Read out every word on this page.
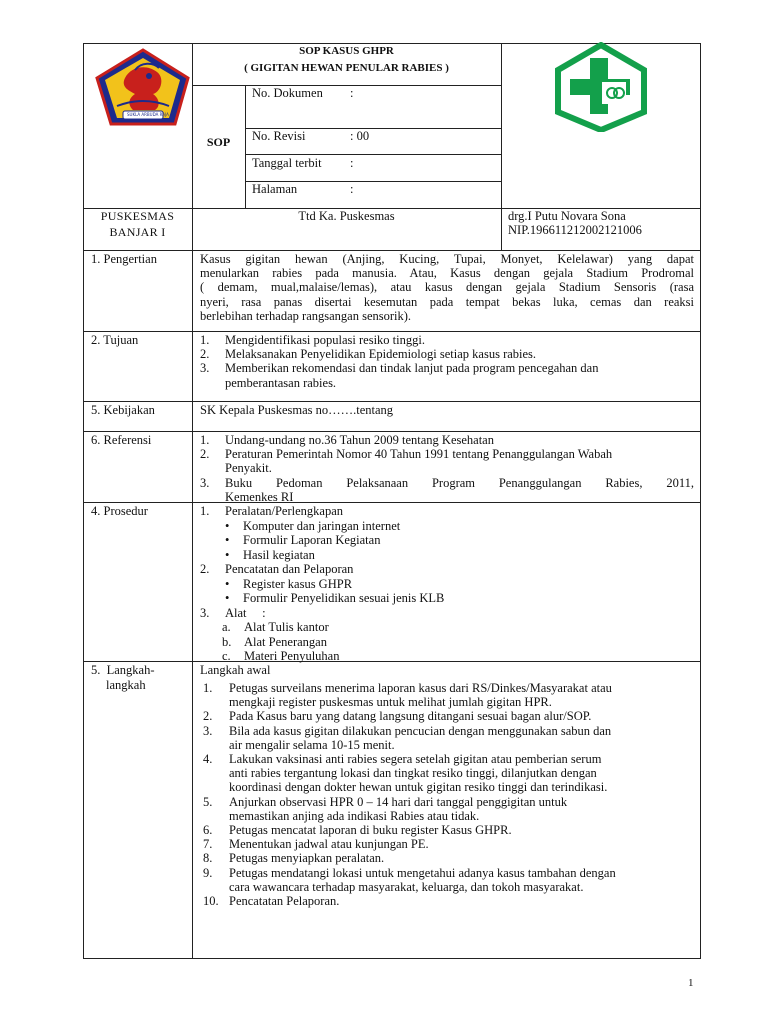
SUKLA ARBUDA RAJA
SOP KASUS GHPR
( GIGITAN HEWAN PENULAR RABIES )
SOP
No. Dokumen :
No. Revisi	: 00
Tanggal terbit :
Halaman	:
PUSKESMAS
BANJAR I
Ttd Ka. Puskesmas	drg.I Putu Novara Sona
NIP.196611212002121006
1. Pengertian	Kasus gigitan hewan (Anjing, Kucing, Tupai, Monyet, Kelelawar) yang dapat
menularkan rabies pada manusia. Atau, Kasus dengan gejala Stadium Prodromal
( demam, mual,malaise/lemas), atau kasus dengan gejala Stadium Sensoris (rasa
nyeri, rasa panas disertai kesemutan pada tempat bekas luka, cemas dan reaksi
berlebihan terhadap rangsangan sensorik).
2. Tujuan	1.	Mengidentifikasi populasi resiko tinggi.
2.	Melaksanakan Penyelidikan Epidemiologi setiap kasus rabies.
3.	Memberikan rekomendasi dan tindak lanjut pada program pencegahan dan
pemberantasan rabies.
5. Kebijakan	SK Kepala Puskesmas no…….tentang
6. Referensi	1.	Undang-undang no.36 Tahun 2009 tentang Kesehatan
2.	Peraturan Pemerintah Nomor 40 Tahun 1991 tentang Penanggulangan Wabah
Penyakit.
3.	Buku Pedoman Pelaksanaan Program Penanggulangan Rabies, 2011,
Kemenkes RI
4. Prosedur	1.	Peralatan/Perlengkapan
•	Komputer dan jaringan internet
•	Formulir Laporan Kegiatan
•	Hasil kegiatan
2.	Pencatatan dan Pelaporan
•	Register kasus GHPR
•	Formulir Penyelidikan sesuai jenis KLB
3.	Alat     :
a.	Alat Tulis kantor
b.	Alat Penerangan
c.	Materi Penyuluhan
5.  Langkah-
langkah
Langkah awal
1.	Petugas surveilans menerima laporan kasus dari RS/Dinkes/Masyarakat atau
mengkaji register puskesmas untuk melihat jumlah gigitan HPR.
2.	Pada Kasus baru yang datang langsung ditangani sesuai bagan alur/SOP.
3.	Bila ada kasus gigitan dilakukan pencucian dengan menggunakan sabun dan
air mengalir selama 10-15 menit.
4.	Lakukan vaksinasi anti rabies segera setelah gigitan atau pemberian serum
anti rabies tergantung lokasi dan tingkat resiko tinggi, dilanjutkan dengan
koordinasi dengan dokter hewan untuk gigitan resiko tinggi dan terindikasi.
5.	Anjurkan observasi HPR 0 – 14 hari dari tanggal penggigitan untuk
memastikan anjing ada indikasi Rabies atau tidak.
6.	Petugas mencatat laporan di buku register Kasus GHPR.
7.	Menentukan jadwal atau kunjungan PE.
8.	Petugas menyiapkan peralatan.
9.	Petugas mendatangi lokasi untuk mengetahui adanya kasus tambahan dengan
cara wawancara terhadap masyarakat, keluarga, dan tokoh masyarakat.
10. Pencatatan Pelaporan.
1
